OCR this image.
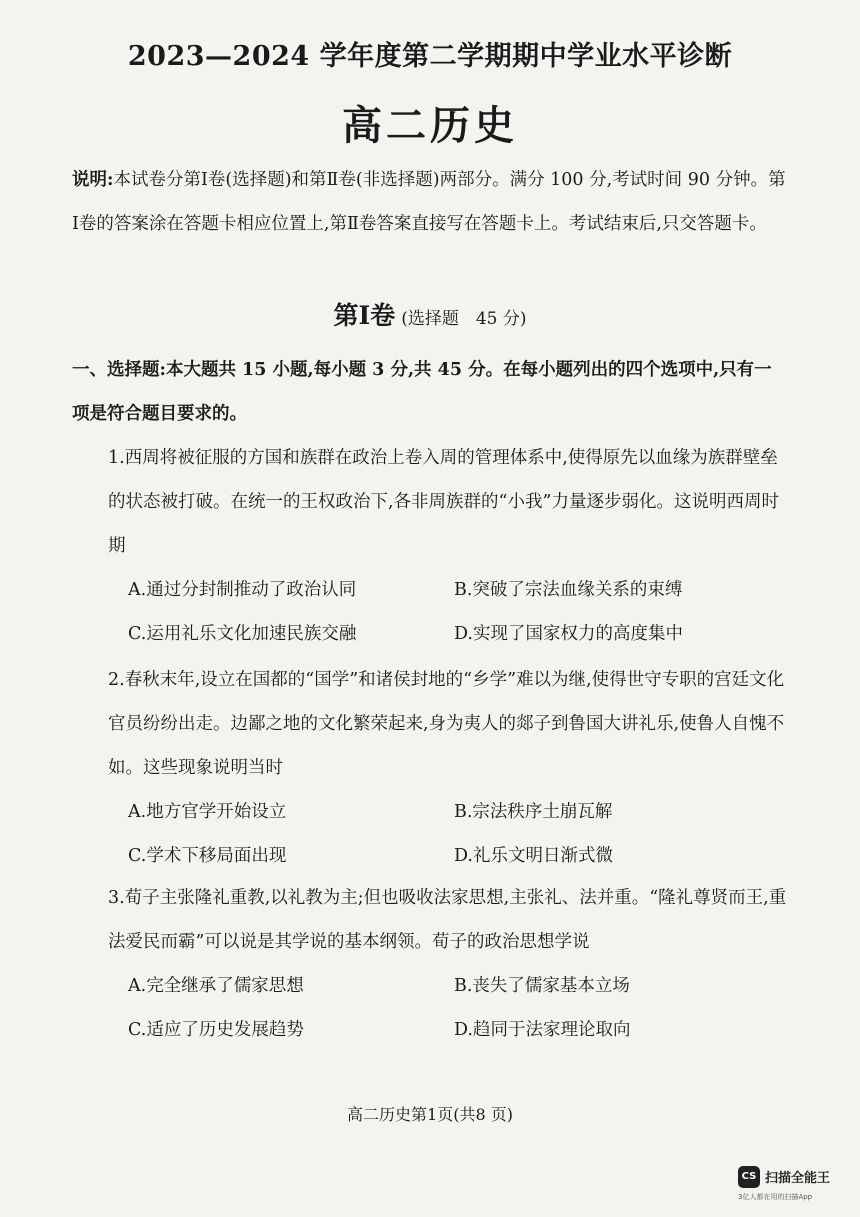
2023—2024 学年度第二学期期中学业水平诊断
高二历史
说明:本试卷分第Ⅰ卷(选择题)和第Ⅱ卷(非选择题)两部分。满分 100 分,考试时间 90 分钟。第Ⅰ卷的答案涂在答题卡相应位置上,第Ⅱ卷答案直接写在答题卡上。考试结束后,只交答题卡。
第Ⅰ卷 (选择题　45 分)
一、选择题:本大题共 15 小题,每小题 3 分,共 45 分。在每小题列出的四个选项中,只有一项是符合题目要求的。

1.西周将被征服的方国和族群在政治上卷入周的管理体系中,使得原先以血缘为族群壁垒的状态被打破。在统一的王权政治下,各非周族群的“小我”力量逐步弱化。这说明西周时期

A.通过分封制推动了政治认同	B.突破了宗法血缘关系的束缚
C.运用礼乐文化加速民族交融	D.实现了国家权力的高度集中

2.春秋末年,设立在国都的“国学”和诸侯封地的“乡学”难以为继,使得世守专职的宫廷文化官员纷纷出走。边鄙之地的文化繁荣起来,身为夷人的郯子到鲁国大讲礼乐,使鲁人自愧不如。这些现象说明当时

A.地方官学开始设立	B.宗法秩序土崩瓦解
C.学术下移局面出现	D.礼乐文明日渐式微

3.荀子主张隆礼重教,以礼教为主;但也吸收法家思想,主张礼、法并重。“隆礼尊贤而王,重法爱民而霸”可以说是其学说的基本纲领。荀子的政治思想学说

A.完全继承了儒家思想	B.丧失了儒家基本立场
C.适应了历史发展趋势	D.趋同于法家理论取向
高二历史第1页(共8 页)
CS 扫描全能王
3亿人都在用的扫描App
